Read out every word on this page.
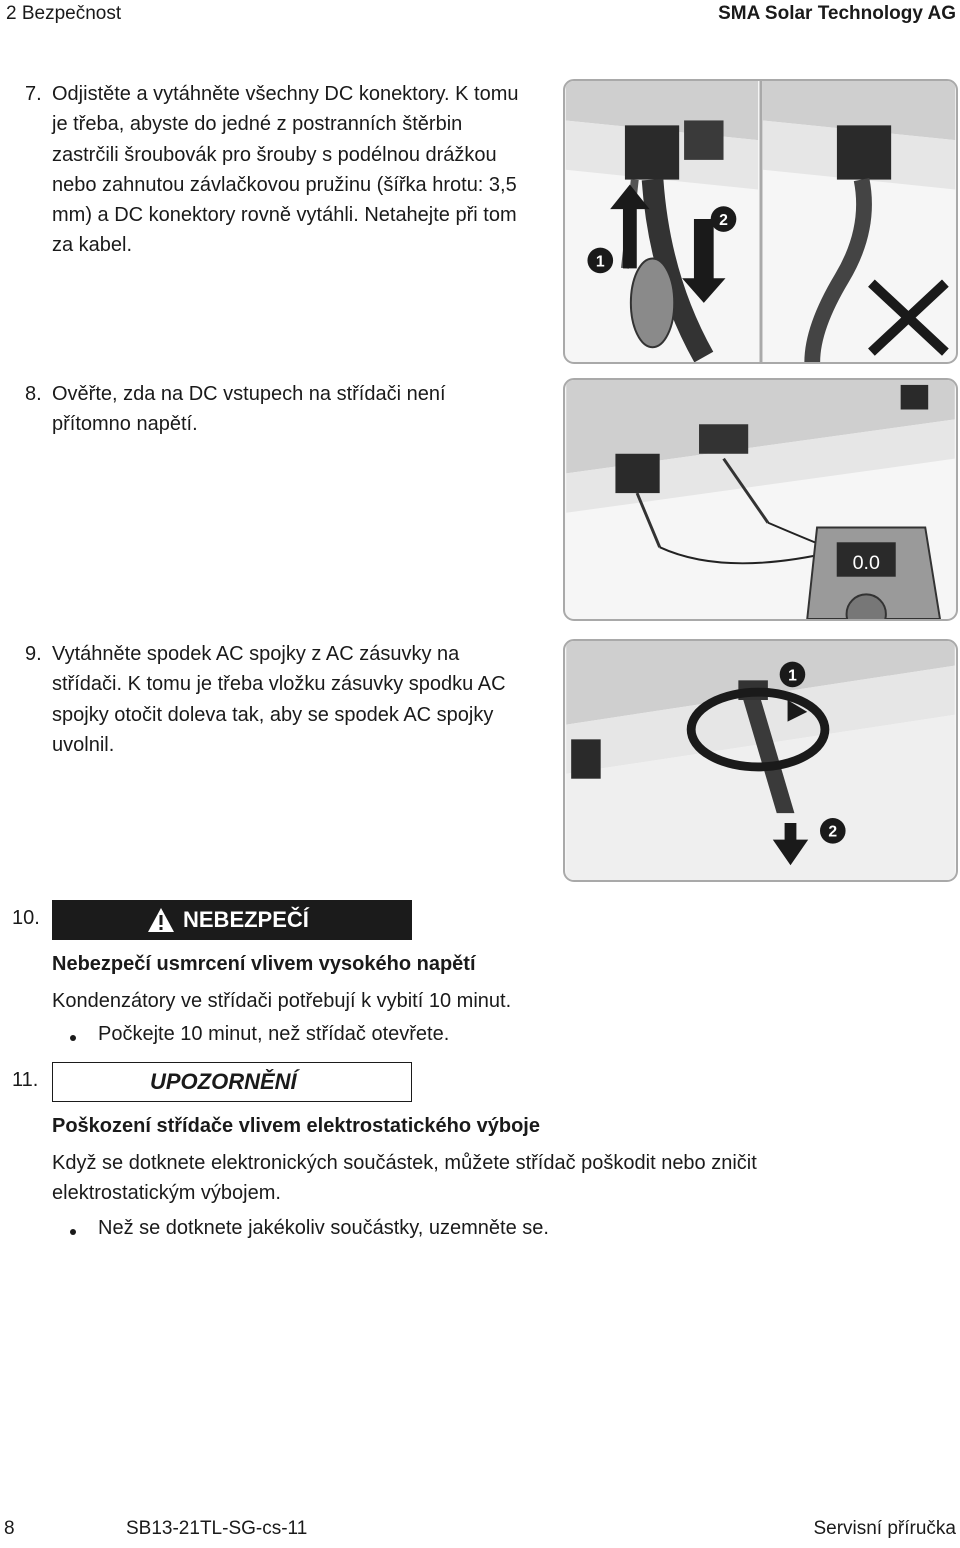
2 Bezpečnost	SMA Solar Technology AG
7. Odjistěte a vytáhněte všechny DC konektory. K tomu je třeba, abyste do jedné z postranních štěrbin zastrčili šroubovák pro šrouby s podélnou drážkou nebo zahnutou závlačkovou pružinu (šířka hrotu: 3,5 mm) a DC konektory rovně vytáhli. Netahejte při tom za kabel.
1
2
8. Ověřte, zda na DC vstupech na střídači není přítomno napětí.
0.0
9. Vytáhněte spodek AC spojky z AC zásuvky na střídači. K tomu je třeba vložku zásuvky spodku AC spojky otočit doleva tak, aby se spodek AC spojky uvolnil.
1
2
10.	NEBEZPEČÍ
Nebezpečí usmrcení vlivem vysokého napětí
Kondenzátory ve střídači potřebují k vybití 10 minut.
Počkejte 10 minut, než střídač otevřete.
11.	UPOZORNĚNÍ
Poškození střídače vlivem elektrostatického výboje
Když se dotknete elektronických součástek, můžete střídač poškodit nebo zničit elektrostatickým výbojem.
Než se dotknete jakékoliv součástky, uzemněte se.
8	SB13-21TL-SG-cs-11	Servisní příručka
